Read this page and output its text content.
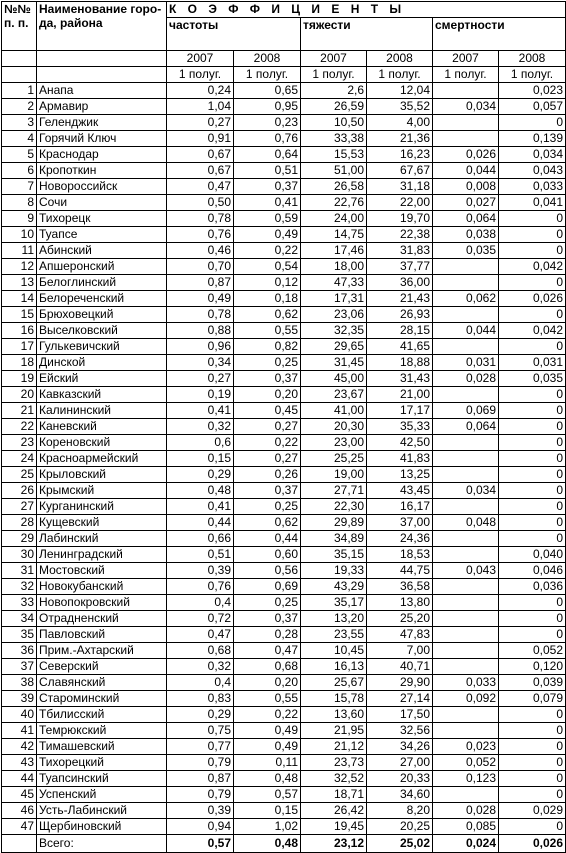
№№ п. п.	Наименование горо-да, района	К О Э Ф Ф И Ц И Е Н Т Ы					
		частоты		тяжести		смертности	
		2007	2008	2007	2008	2007	2008
		1 полуг.	1 полуг.	1 полуг.	1 полуг.	1 полуг.	1 полуг.
1	Анапа	0,24	0,65	2,6	12,04		0,023
2	Армавир	1,04	0,95	26,59	35,52	0,034	0,057
3	Геленджик	0,27	0,23	10,50	4,00		0
4	Горячий Ключ	0,91	0,76	33,38	21,36		0,139
5	Краснодар	0,67	0,64	15,53	16,23	0,026	0,034
6	Кропоткин	0,67	0,51	51,00	67,67	0,044	0,043
7	Новороссийск	0,47	0,37	26,58	31,18	0,008	0,033
8	Сочи	0,50	0,41	22,76	22,00	0,027	0,041
9	Тихорецк	0,78	0,59	24,00	19,70	0,064	0
10	Туапсе	0,76	0,49	14,75	22,38	0,038	0
11	Абинский	0,46	0,22	17,46	31,83	0,035	0
12	Апшеронский	0,70	0,54	18,00	37,77		0,042
13	Белоглинский	0,87	0,12	47,33	36,00		0
14	Белореченский	0,49	0,18	17,31	21,43	0,062	0,026
15	Брюховецкий	0,78	0,62	23,06	26,93		0
16	Выселковский	0,88	0,55	32,35	28,15	0,044	0,042
17	Гулькевичский	0,96	0,82	29,65	41,65		0
18	Динской	0,34	0,25	31,45	18,88	0,031	0,031
19	Ейский	0,27	0,37	45,00	31,43	0,028	0,035
20	Кавказский	0,19	0,20	23,67	21,00		0
21	Калининский	0,41	0,45	41,00	17,17	0,069	0
22	Каневский	0,32	0,27	20,30	35,33	0,064	0
23	Кореновский	0,6	0,22	23,00	42,50		0
24	Красноармейский	0,15	0,27	25,25	41,83		0
25	Крыловский	0,29	0,26	19,00	13,25		0
26	Крымский	0,48	0,37	27,71	43,45	0,034	0
27	Курганинский	0,41	0,25	22,30	16,17		0
28	Кущевский	0,44	0,62	29,89	37,00	0,048	0
29	Лабинский	0,66	0,44	34,89	24,36		0
30	Ленинградский	0,51	0,60	35,15	18,53		0,040
31	Мостовский	0,39	0,56	19,33	44,75	0,043	0,046
32	Новокубанский	0,76	0,69	43,29	36,58		0,036
33	Новопокровский	0,4	0,25	35,17	13,80		0
34	Отрадненский	0,72	0,37	13,20	25,20		0
35	Павловский	0,47	0,28	23,55	47,83		0
36	Прим.-Ахтарский	0,68	0,47	10,45	7,00		0,052
37	Северский	0,32	0,68	16,13	40,71		0,120
38	Славянский	0,4	0,20	25,67	29,90	0,033	0,039
39	Староминский	0,83	0,55	15,78	27,14	0,092	0,079
40	Тбилисский	0,29	0,22	13,60	17,50		0
41	Темрюкский	0,75	0,49	21,95	32,56		0
42	Тимашевский	0,77	0,49	21,12	34,26	0,023	0
43	Тихорецкий	0,79	0,11	23,73	27,00	0,052	0
44	Туапсинский	0,87	0,48	32,52	20,33	0,123	0
45	Успенский	0,79	0,57	18,71	34,60		0
46	Усть-Лабинский	0,39	0,15	26,42	8,20	0,028	0,029
47	Щербиновский	0,94	1,02	19,45	20,25	0,085	0
	Всего:	0,57	0,48	23,12	25,02	0,024	0,026
